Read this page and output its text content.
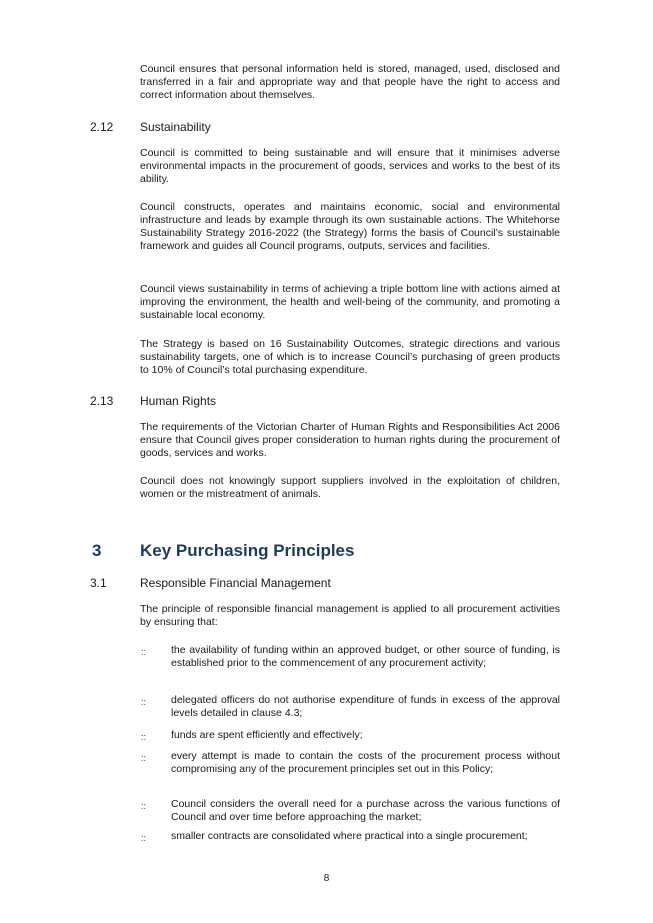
Council ensures that personal information held is stored, managed, used, disclosed and transferred in a fair and appropriate way and that people have the right to access and correct information about themselves.

2.12 Sustainability

Council is committed to being sustainable and will ensure that it minimises adverse environmental impacts in the procurement of goods, services and works to the best of its ability.

Council constructs, operates and maintains economic, social and environmental infrastructure and leads by example through its own sustainable actions. The Whitehorse Sustainability Strategy 2016-2022 (the Strategy) forms the basis of Council’s sustainable framework and guides all Council programs, outputs, services and facilities.

Council views sustainability in terms of achieving a triple bottom line with actions aimed at improving the environment, the health and well-being of the community, and promoting a sustainable local economy.

The Strategy is based on 16 Sustainability Outcomes, strategic directions and various sustainability targets, one of which is to increase Council’s purchasing of green products to 10% of Council’s total purchasing expenditure.

2.13 Human Rights

The requirements of the Victorian Charter of Human Rights and Responsibilities Act 2006 ensure that Council gives proper consideration to human rights during the procurement of goods, services and works.

Council does not knowingly support suppliers involved in the exploitation of children, women or the mistreatment of animals.

3 Key Purchasing Principles
3.1	Responsible Financial Management

The principle of responsible financial management is applied to all procurement activities by ensuring that:

:: the availability of funding within an approved budget, or other source of funding, is established prior to the commencement of any procurement activity;

:: delegated officers do not authorise expenditure of funds in excess of the approval levels detailed in clause 4.3;

:: funds are spent efficiently and effectively;

:: every attempt is made to contain the costs of the procurement process without compromising any of the procurement principles set out in this Policy;

:: Council considers the overall need for a purchase across the various functions of Council and over time before approaching the market;

:: smaller contracts are consolidated where practical into a single procurement;

8
